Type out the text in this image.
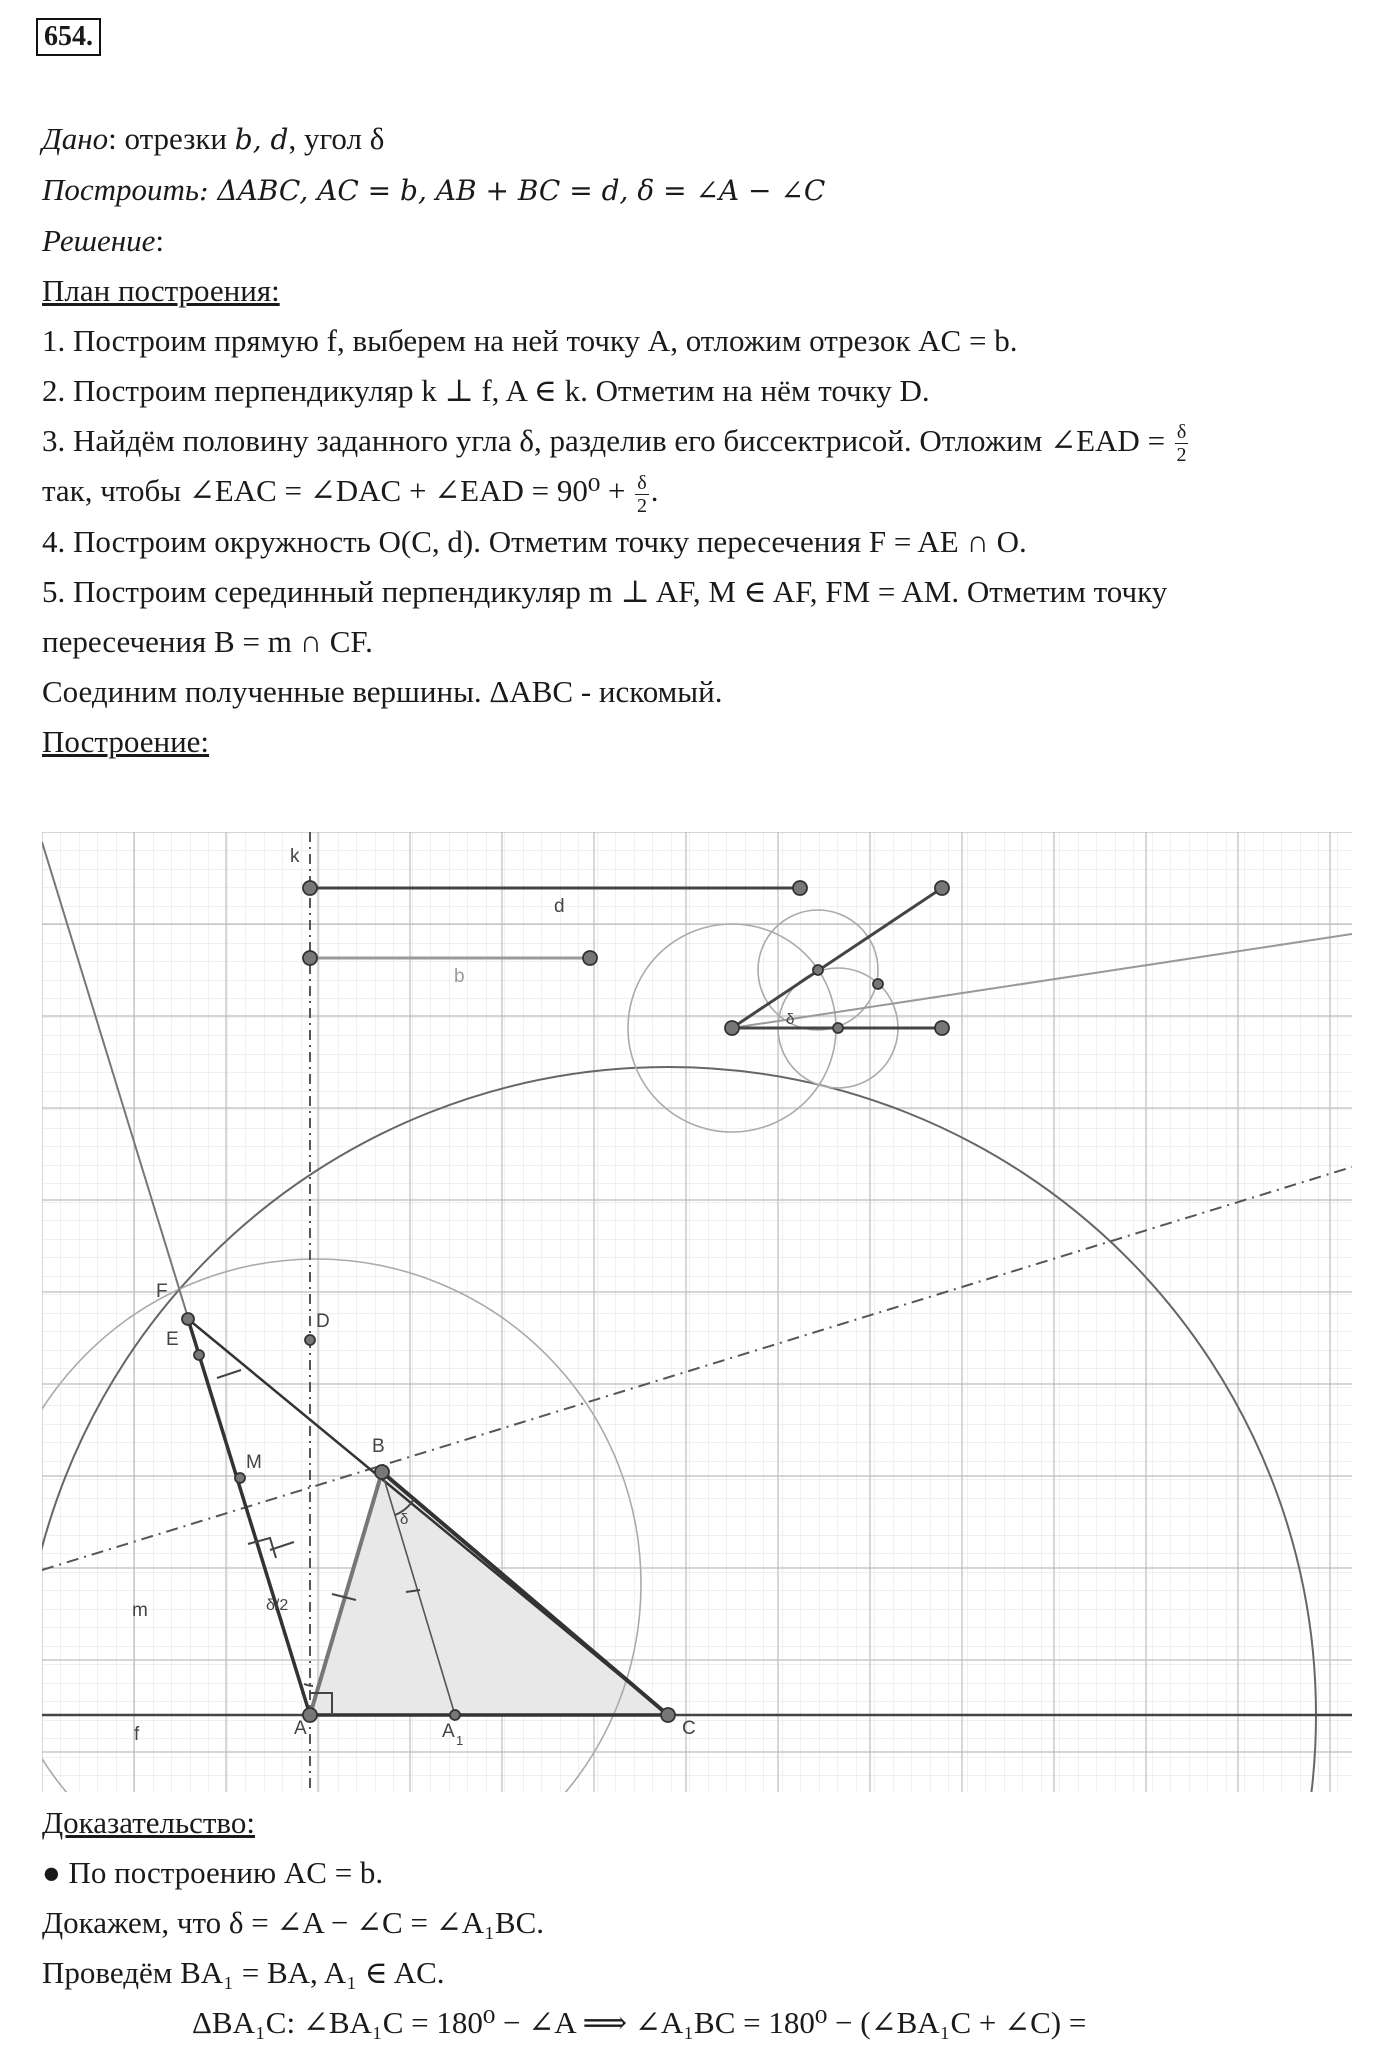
654.
Дано: отрезки b, d, угол δ
Построить: ΔABC, AC = b, AB + BC = d, δ = ∠A − ∠C
Решение:
План построения:
1. Построим прямую f, выберем на ней точку A, отложим отрезок AC = b.
2. Построим перпендикуляр k ⊥ f, A ∈ k. Отметим на нём точку D.
3. Найдём половину заданного угла δ, разделив его биссектрисой. Отложим ∠EAD = $\frac{\delta}{2}$
так, чтобы ∠EAC = ∠DAC + ∠EAD = $90^0 + \frac{\delta}{2}$ .
4. Построим окружность O(C, d). Отметим точку пересечения F = AE ∩ O.
5. Построим серединный перпендикуляр m ⊥ AF, M ∈ AF, FM = AM. Отметим точку
пересечения B = m ∩ CF.
Соединим полученные вершины. ΔABC - искомый.
Построение:
k
d
b
δ
F
E
D
B
M
δ
δ/2
m
f	A	A 1
C
Доказательство:
● По построению AC = b.
Докажем, что δ = ∠A − ∠C = ∠A₁BC.
Проведём BA₁ = BA, A₁ ∈ AC.
ΔBA₁C: ∠BA₁C = 180⁰ − ∠A ⟹ ∠A₁BC = 180⁰ − (∠BA₁C + ∠C) =
